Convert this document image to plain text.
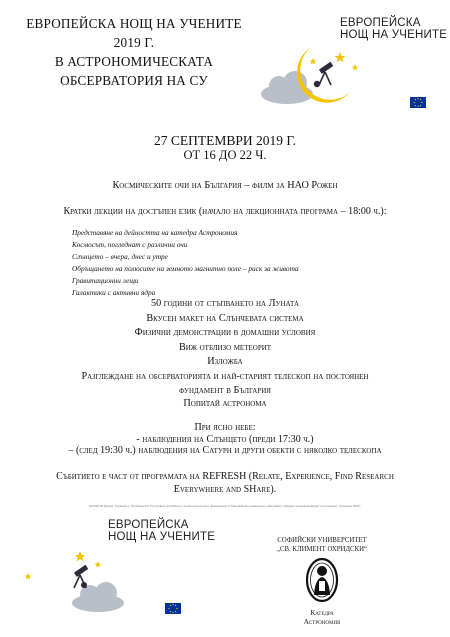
ЕВРОПЕЙСКА НОЩ НА УЧЕНИТЕ
2019 Г.
В АСТРОНОМИЧЕСКАТА
ОБСЕРВАТОРИЯ НА СУ
ЕВРОПЕЙСКА
НОЩ НА УЧЕНИТЕ
27 СЕПТЕМВРИ 2019 Г.
ОТ 16 ДО 22 Ч.
Космическите очи на България – филм за НАО Рожен
Кратки лекции на достъпен език (начало на лекционната програма – 18:00 ч.):
Представяне на дейността на катедра Астрономия
Космосът, погледнат с различни очи
Слънцето – вчера, днес и утре
Обръщането на полюсите на земното магнитно поле – риск за живота
Гравитационни лещи
Галактики с активни ядра
50 години от стъпването на Луната
Вкусен макет на Слънчевата система
Физични демонстрации в домашни условия
Виж отблизо метеорит
Изложба
Разглеждане на обсерваторията и най-старият телескоп на постоянен
фундамент в България
Попитай астронома
При ясно небе:
- наблюдения на Слънцето (преди 17:30 ч.)
– (след 19:30 ч.) наблюдения на Сатурн и други обекти с няколко телескопа
Събитието е част от програмата на REFRESH (Relate, Experience, Find Research
Everywhere and SHare).
REFRESH (Relate, Experience, Find Research Everywhere and SHare) е 24-месечен проект, финансиран от Европейската комисия по действията „Мария Склодовска-Кюри“ на програма „Хоризонт 2020“
ЕВРОПЕЙСКА
НОЩ НА УЧЕНИТЕ	СОФИЙСКИ УНИВЕРСИТЕТ
„СВ. КЛИМЕНТ ОХРИДСКИ“
Катедра
Астрономия
